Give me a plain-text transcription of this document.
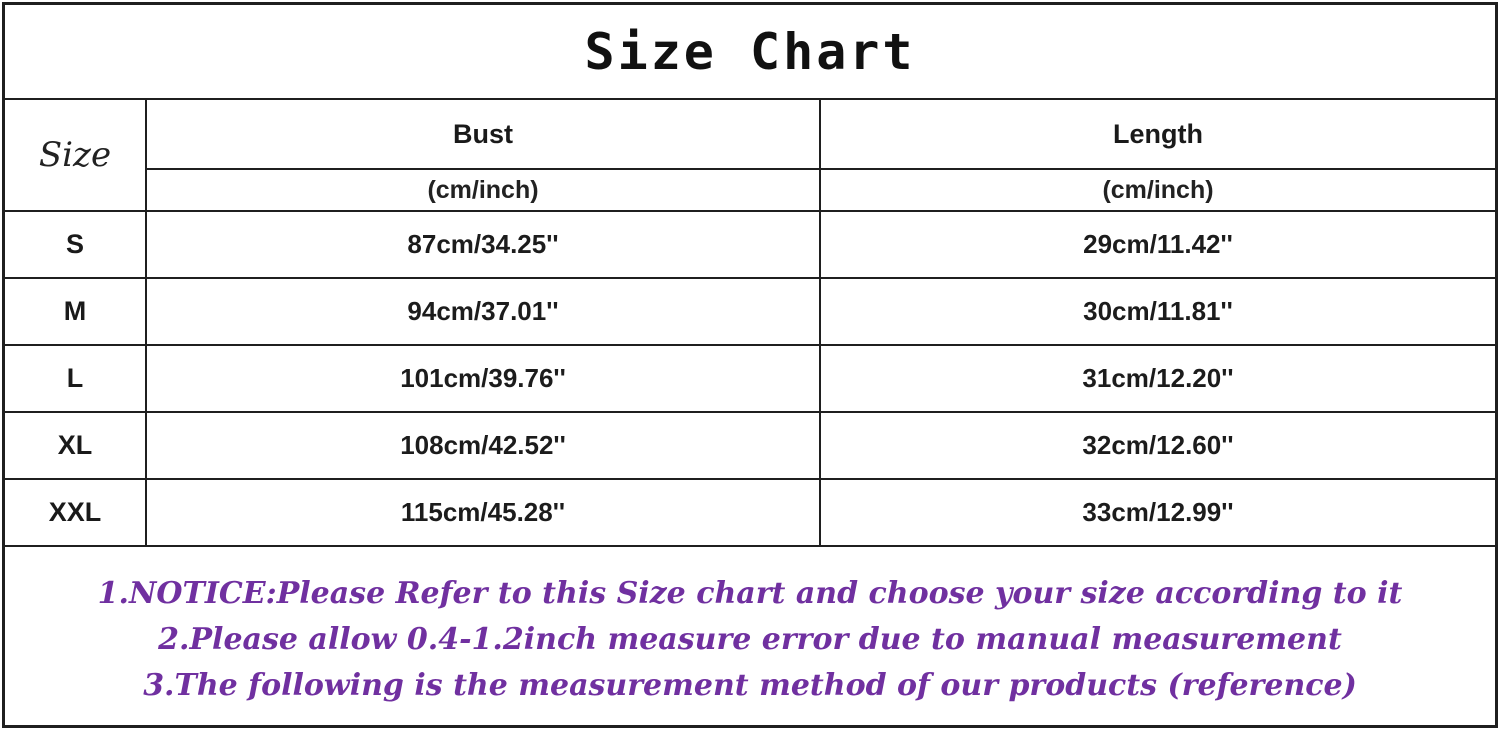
Size Chart
Size
Bust	Length
(cm/inch)	(cm/inch)
S	87cm/34.25''	29cm/11.42''
M	94cm/37.01''	30cm/11.81''
L	101cm/39.76''	31cm/12.20''
XL	108cm/42.52''	32cm/12.60''
XXL	115cm/45.28''	33cm/12.99''
1.NOTICE:Please Refer to this Size chart and choose your size according to it
2.Please allow 0.4-1.2inch measure error due to manual measurement
3.The following is the measurement method of our products (reference)
